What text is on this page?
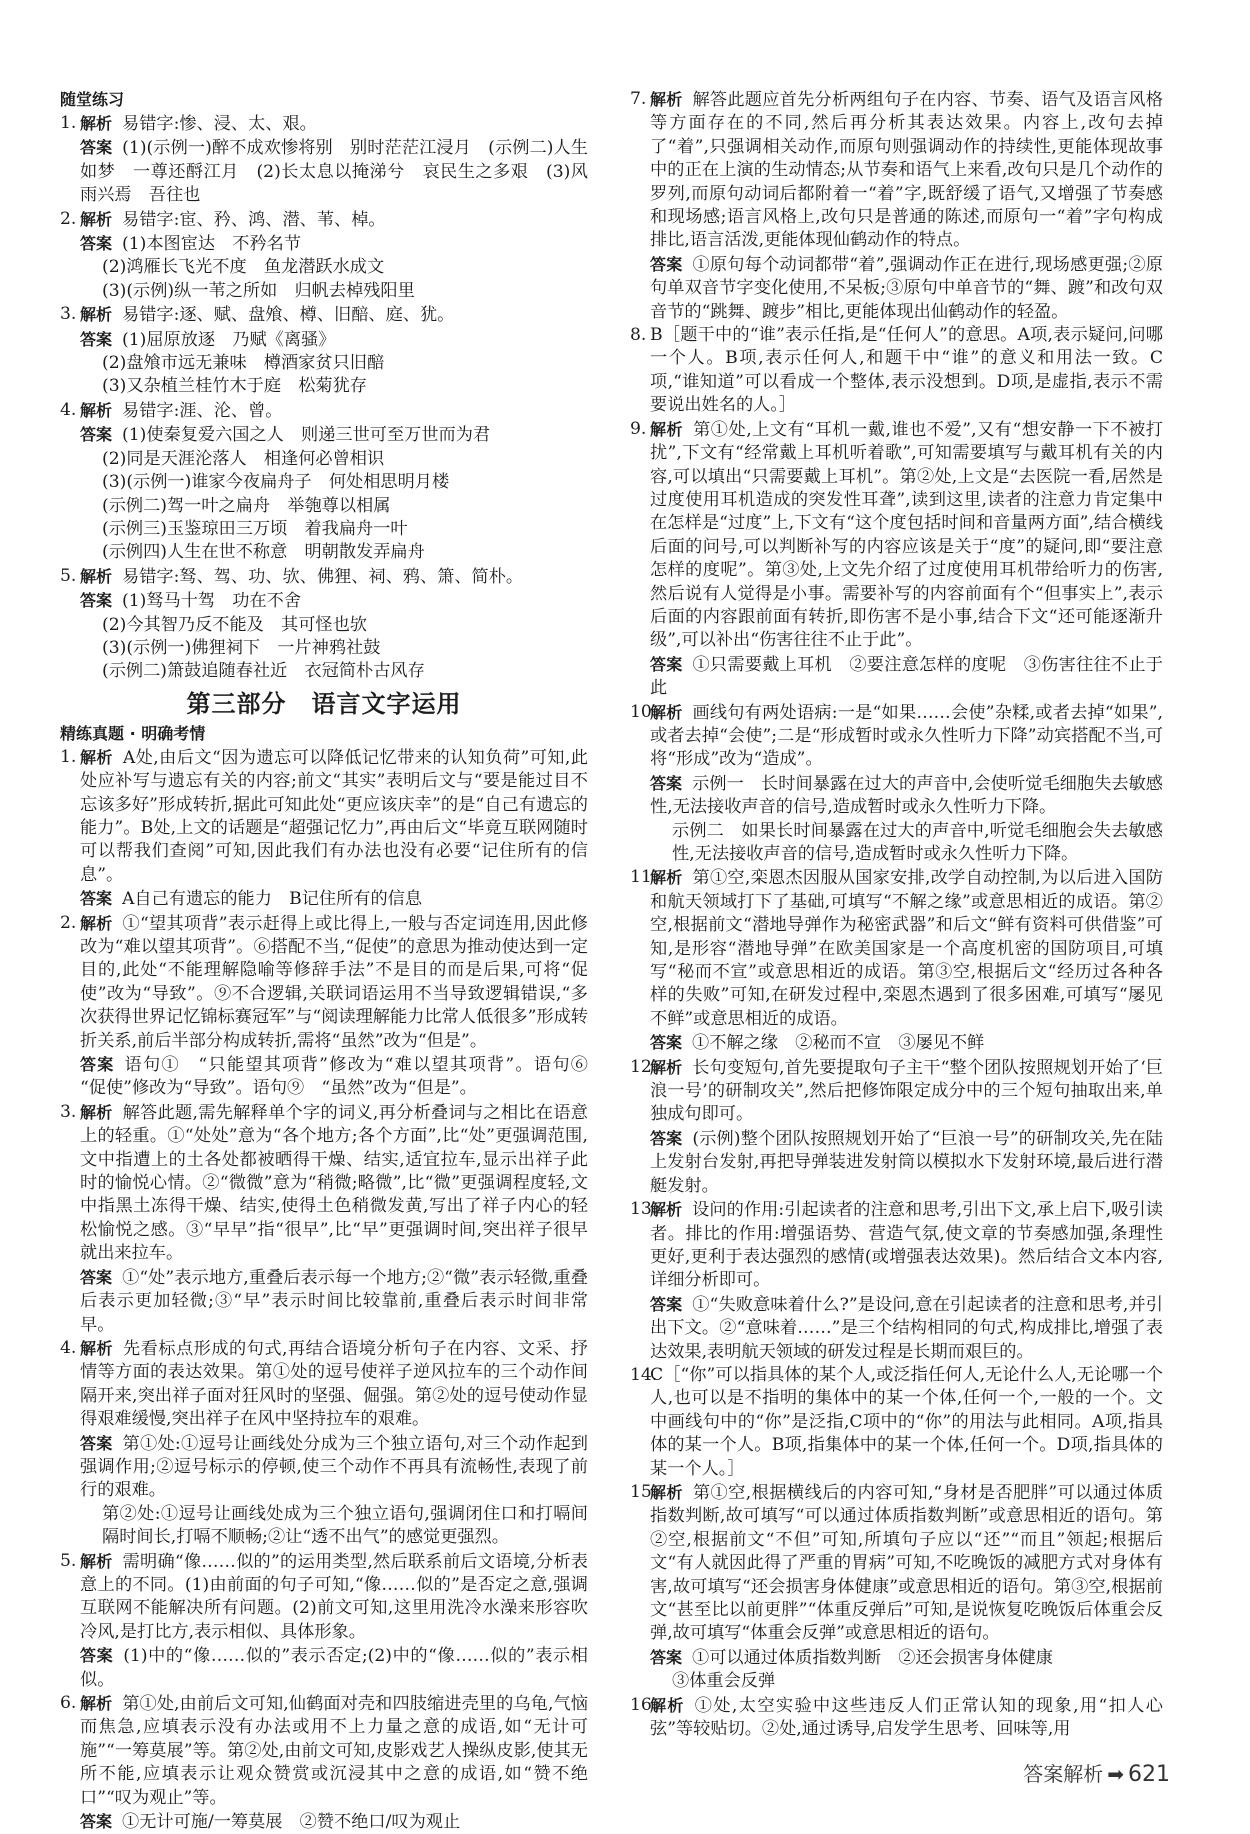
随堂练习
1. 解析 易错字:惨、浸、太、艰。
答案 (1)(示例一)醉不成欢惨将别　别时茫茫江浸月　(示例二)人生如梦　一尊还酹江月　(2)长太息以掩涕兮　哀民生之多艰　(3)风雨兴焉　吾往也
2. 解析 易错字:宦、矜、鸿、潜、苇、棹。
答案 (1)本图宦达　不矜名节
(2)鸿雁长飞光不度　鱼龙潜跃水成文
(3)(示例)纵一苇之所如　归帆去棹残阳里
3. 解析 易错字:逐、赋、盘飧、樽、旧醅、庭、犹。
答案 (1)屈原放逐　乃赋《离骚》
(2)盘飧市远无兼味　樽酒家贫只旧醅
(3)又杂植兰桂竹木于庭　松菊犹存
4. 解析 易错字:涯、沦、曾。
答案 (1)使秦复爱六国之人　则递三世可至万世而为君
(2)同是天涯沦落人　相逢何必曾相识
(3)(示例一)谁家今夜扁舟子　何处相思明月楼
(示例二)驾一叶之扁舟　举匏尊以相属
(示例三)玉鉴琼田三万顷　着我扁舟一叶
(示例四)人生在世不称意　明朝散发弄扁舟
5. 解析 易错字:驽、驾、功、欤、佛狸、祠、鸦、箫、简朴。
答案 (1)驽马十驾　功在不舍
(2)今其智乃反不能及　其可怪也欤
(3)(示例一)佛狸祠下　一片神鸦社鼓
(示例二)箫鼓追随春社近　衣冠简朴古风存
第三部分　语言文字运用
精练真题 · 明确考情
1. 解析 A处,由后文“因为遗忘可以降低记忆带来的认知负荷”可知,此处应补写与遗忘有关的内容;前文“其实”表明后文与“要是能过目不忘该多好”形成转折,据此可知此处“更应该庆幸”的是“自己有遗忘的能力”。B处,上文的话题是“超强记忆力”,再由后文“毕竟互联网随时可以帮我们查阅”可知,因此我们有办法也没有必要“记住所有的信息”。
答案 A自己有遗忘的能力　B记住所有的信息
2. 解析 ①“望其项背”表示赶得上或比得上,一般与否定词连用,因此修改为“难以望其项背”。⑥搭配不当,“促使”的意思为推动使达到一定目的,此处“不能理解隐喻等修辞手法”不是目的而是后果,可将“促使”改为“导致”。⑨不合逻辑,关联词语运用不当导致逻辑错误,“多次获得世界记忆锦标赛冠军”与“阅读理解能力比常人低很多”形成转折关系,前后半部分构成转折,需将“虽然”改为“但是”。
答案 语句①　“只能望其项背”修改为“难以望其项背”。语句⑥　“促使”修改为“导致”。语句⑨　“虽然”改为“但是”。
3. 解析 解答此题,需先解释单个字的词义,再分析叠词与之相比在语意上的轻重。①“处处”意为“各个地方;各个方面”,比“处”更强调范围,文中指遭上的土各处都被晒得干燥、结实,适宜拉车,显示出祥子此时的愉悦心情。②“微微”意为“稍微;略微”,比“微”更强调程度轻,文中指黑土冻得干燥、结实,使得土色稍微发黄,写出了祥子内心的轻松愉悦之感。③“早早”指“很早”,比“早”更强调时间,突出祥子很早就出来拉车。
答案 ①“处”表示地方,重叠后表示每一个地方;②“微”表示轻微,重叠后表示更加轻微;③“早”表示时间比较靠前,重叠后表示时间非常早。
4. 解析 先看标点形成的句式,再结合语境分析句子在内容、文采、抒情等方面的表达效果。第①处的逗号使祥子逆风拉车的三个动作间隔开来,突出祥子面对狂风时的坚强、倔强。第②处的逗号使动作显得艰难缓慢,突出祥子在风中坚持拉车的艰难。
答案 第①处:①逗号让画线处分成为三个独立语句,对三个动作起到强调作用;②逗号标示的停顿,使三个动作不再具有流畅性,表现了前行的艰难。
第②处:①逗号让画线处成为三个独立语句,强调闭住口和打嗝间隔时间长,打嗝不顺畅;②让“透不出气”的感觉更强烈。
5. 解析 需明确“像……似的”的运用类型,然后联系前后文语境,分析表意上的不同。(1)由前面的句子可知,“像……似的”是否定之意,强调互联网不能解决所有问题。(2)前文可知,这里用洗冷水澡来形容吹冷风,是打比方,表示相似、具体形象。
答案 (1)中的“像……似的”表示否定;(2)中的“像……似的”表示相似。
6. 解析 第①处,由前后文可知,仙鹤面对壳和四肢缩进壳里的乌龟,气恼而焦急,应填表示没有办法或用不上力量之意的成语,如“无计可施”“一筹莫展”等。第②处,由前文可知,皮影戏艺人操纵皮影,使其无所不能,应填表示让观众赞赏或沉浸其中之意的成语,如“赞不绝口”“叹为观止”等。
答案 ①无计可施/一筹莫展　②赞不绝口/叹为观止
7. 解析 解答此题应首先分析两组句子在内容、节奏、语气及语言风格等方面存在的不同,然后再分析其表达效果。内容上,改句去掉了“着”,只强调相关动作,而原句则强调动作的持续性,更能体现故事中的正在上演的生动情态;从节奏和语气上来看,改句只是几个动作的罗列,而原句动词后都附着一“着”字,既舒缓了语气,又增强了节奏感和现场感;语言风格上,改句只是普通的陈述,而原句一“着”字句构成排比,语言活泼,更能体现仙鹤动作的特点。
答案 ①原句每个动词都带“着”,强调动作正在进行,现场感更强;②原句单双音节字变化使用,不呆板;③原句中单音节的“舞、踱”和改句双音节的“跳舞、踱步”相比,更能体现出仙鹤动作的轻盈。
8. B［题干中的“谁”表示任指,是“任何人”的意思。A项,表示疑问,问哪一个人。B项,表示任何人,和题干中“谁”的意义和用法一致。C项,“谁知道”可以看成一个整体,表示没想到。D项,是虚指,表示不需要说出姓名的人。］
9. 解析 第①处,上文有“耳机一戴,谁也不爱”,又有“想安静一下不被打扰”,下文有“经常戴上耳机听着歌”,可知需要填写与戴耳机有关的内容,可以填出“只需要戴上耳机”。第②处,上文是“去医院一看,居然是过度使用耳机造成的突发性耳聋”,读到这里,读者的注意力肯定集中在怎样是“过度”上,下文有“这个度包括时间和音量两方面”,结合横线后面的问号,可以判断补写的内容应该是关于“度”的疑问,即“要注意怎样的度呢”。第③处,上文先介绍了过度使用耳机带给听力的伤害,然后说有人觉得是小事。需要补写的内容前面有个“但事实上”,表示后面的内容跟前面有转折,即伤害不是小事,结合下文“还可能逐渐升级”,可以补出“伤害往往不止于此”。
答案 ①只需要戴上耳机　②要注意怎样的度呢　③伤害往往不止于此
10.
解析 画线句有两处语病:一是“如果……会使”杂糅,或者去掉“如果”,或者去掉“会使”;二是“形成暂时或永久性听力下降”动宾搭配不当,可将“形成”改为“造成”。
答案 示例一　长时间暴露在过大的声音中,会使听觉毛细胞失去敏感性,无法接收声音的信号,造成暂时或永久性听力下降。
示例二　如果长时间暴露在过大的声音中,听觉毛细胞会失去敏感性,无法接收声音的信号,造成暂时或永久性听力下降。
11.
解析 第①空,栾恩杰因服从国家安排,改学自动控制,为以后进入国防和航天领域打下了基础,可填写“不解之缘”或意思相近的成语。第②空,根据前文“潜地导弹作为秘密武器”和后文“鲜有资料可供借鉴”可知,是形容“潜地导弹”在欧美国家是一个高度机密的国防项目,可填写“秘而不宣”或意思相近的成语。第③空,根据后文“经历过各种各样的失败”可知,在研发过程中,栾恩杰遇到了很多困难,可填写“屡见不鲜”或意思相近的成语。
答案 ①不解之缘　②秘而不宣　③屡见不鲜
12.
解析 长句变短句,首先要提取句子主干“整个团队按照规划开始了‘巨浪一号’的研制攻关”,然后把修饰限定成分中的三个短句抽取出来,单独成句即可。
答案 (示例)整个团队按照规划开始了“巨浪一号”的研制攻关,先在陆上发射台发射,再把导弹装进发射筒以模拟水下发射环境,最后进行潜艇发射。
13.
解析 设问的作用:引起读者的注意和思考,引出下文,承上启下,吸引读者。排比的作用:增强语势、营造气氛,使文章的节奏感加强,条理性更好,更利于表达强烈的感情(或增强表达效果)。然后结合文本内容,详细分析即可。
答案 ①“失败意味着什么?”是设问,意在引起读者的注意和思考,并引出下文。②“意味着……”是三个结构相同的句式,构成排比,增强了表达效果,表明航天领域的研发过程是长期而艰巨的。
14.
C［“你”可以指具体的某个人,或泛指任何人,无论什么人,无论哪一个人,也可以是不指明的集体中的某一个体,任何一个,一般的一个。文中画线句中的“你”是泛指,C项中的“你”的用法与此相同。A项,指具体的某一个人。B项,指集体中的某一个体,任何一个。D项,指具体的某一个人。］
15.
解析 第①空,根据横线后的内容可知,“身材是否肥胖”可以通过体质指数判断,故可填写“可以通过体质指数判断”或意思相近的语句。第②空,根据前文“不但”可知,所填句子应以“还”“而且”领起;根据后文“有人就因此得了严重的胃病”可知,不吃晚饭的减肥方式对身体有害,故可填写“还会损害身体健康”或意思相近的语句。第③空,根据前文“甚至比以前更胖”“体重反弹后”可知,是说恢复吃晚饭后体重会反弹,故可填写“体重会反弹”或意思相近的语句。
答案 ①可以通过体质指数判断　②还会损害身体健康
③体重会反弹
16.
解析 ①处,太空实验中这些违反人们正常认知的现象,用“扣人心弦”等较贴切。②处,通过诱导,启发学生思考、回味等,用
答案解析 ➡ 621
